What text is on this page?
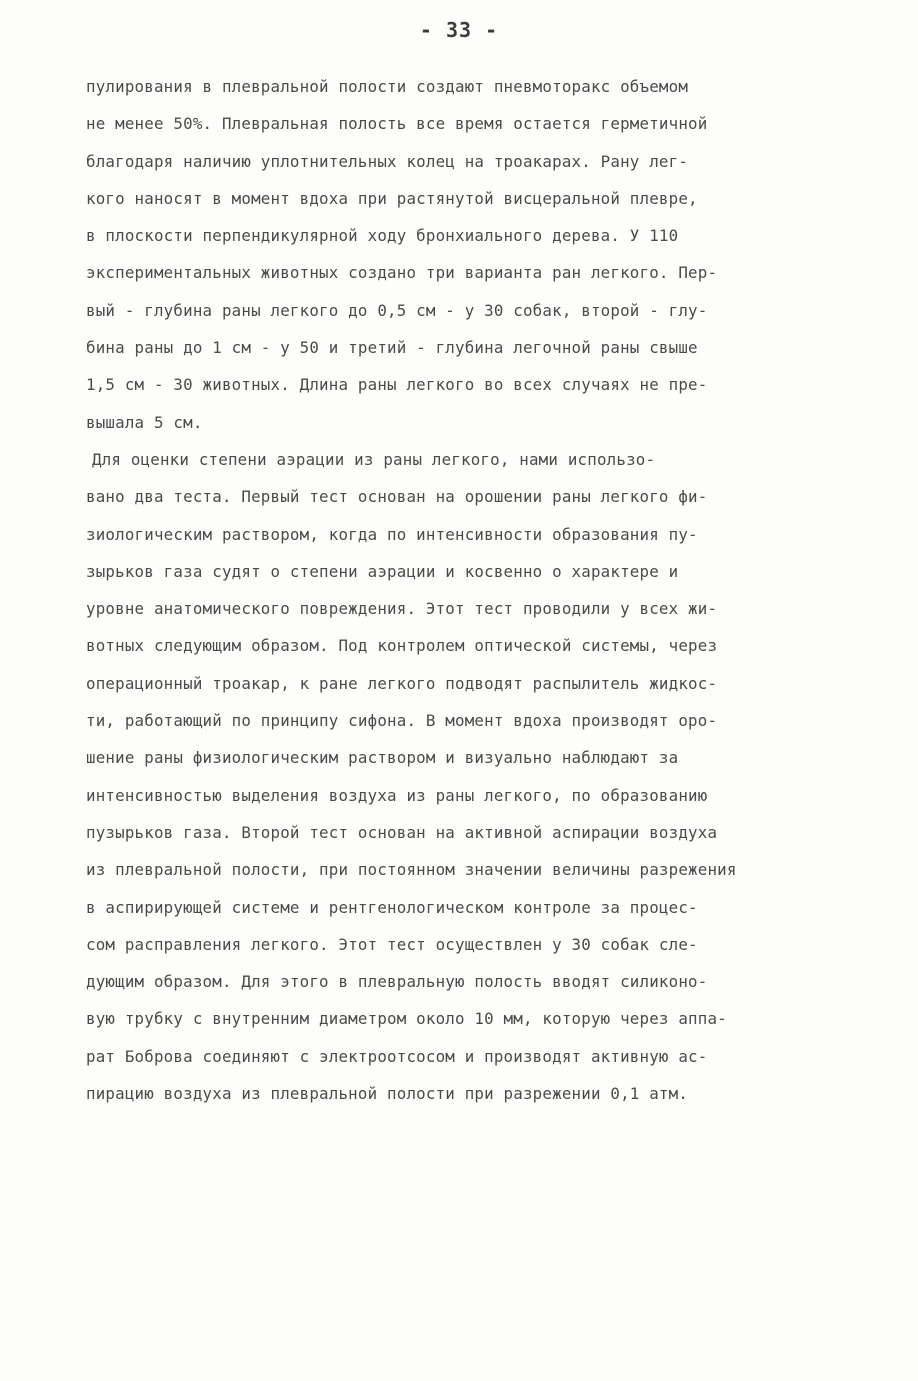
- 33 -
пулирования в плевральной полости создают пневмоторакс объемом
не менее 50%. Плевральная полость все время остается герметичной
благодаря наличию уплотнительных колец на троакарах. Рану лег-
кого наносят в момент вдоха при растянутой висцеральной плевре,
в плоскости перпендикулярной ходу бронхиального дерева. У 110
экспериментальных животных создано три варианта ран легкого. Пер-
вый - глубина раны легкого до 0,5 см - у 30 собак, второй - глу-
бина раны до 1 см - у 50 и третий - глубина легочной раны свыше
1,5 см - 30 животных. Длина раны легкого во всех случаях не пре-
вышала 5 см.
Для оценки степени аэрации из раны легкого, нами использо-
вано два теста. Первый тест основан на орошении раны легкого фи-
зиологическим раствором, когда по интенсивности образования пу-
зырьков газа судят о степени аэрации и косвенно о характере и
уровне анатомического повреждения. Этот тест проводили у всех жи-
вотных следующим образом. Под контролем оптической системы, через
операционный троакар, к ране легкого подводят распылитель жидкос-
ти, работающий по принципу сифона. В момент вдоха производят оро-
шение раны физиологическим раствором и визуально наблюдают за
интенсивностью выделения воздуха из раны легкого, по образованию
пузырьков газа. Второй тест основан на активной аспирации воздуха
из плевральной полости, при постоянном значении величины разрежения
в аспирирующей системе и рентгенологическом контроле за процес-
сом расправления легкого. Этот тест осуществлен у 30 собак сле-
дующим образом. Для этого в плевральную полость вводят силиконо-
вую трубку с внутренним диаметром около 10 мм, которую через аппа-
рат Боброва соединяют с электроотсосом и производят активную ас-
пирацию воздуха из плевральной полости при разрежении 0,1 атм.
